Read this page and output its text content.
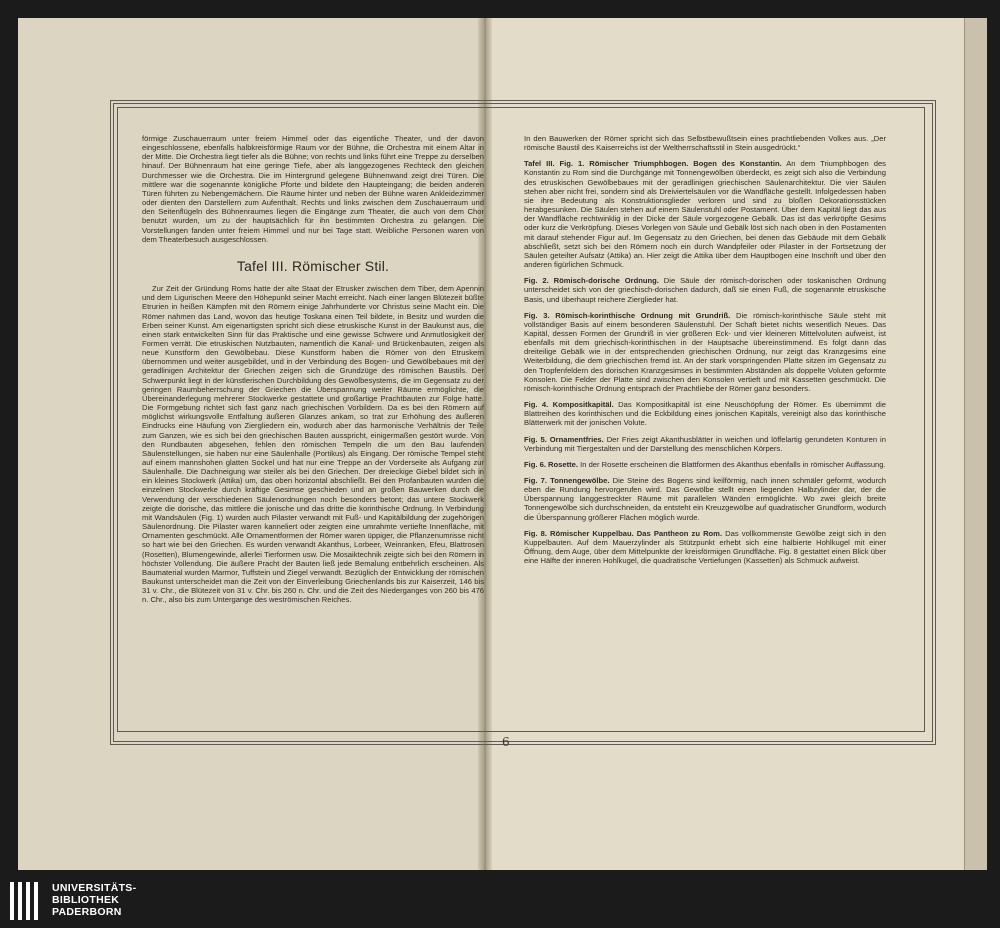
förmige Zuschauerraum unter freiem Himmel oder das eigentliche Theater, und der davon eingeschlossene, ebenfalls halbkreisförmige Raum vor der Bühne, die Orchestra mit einem Altar in der Mitte. Die Orchestra liegt tiefer als die Bühne; von rechts und links führt eine Treppe zu derselben hinauf. Der Bühnenraum hat eine geringe Tiefe, aber als langgezogenes Rechteck den gleichen Durchmesser wie die Orchestra. Die im Hintergrund gelegene Bühnenwand zeigt drei Türen. Die mittlere war die sogenannte königliche Pforte und bildete den Haupteingang; die beiden anderen Türen führten zu Nebengemächern. Die Räume hinter und neben der Bühne waren Ankleidezimmer oder dienten den Darstellern zum Aufenthalt. Rechts und links zwischen dem Zuschauerraum und den Seitenflügeln des Bühnenraumes liegen die Eingänge zum Theater, die auch von dem Chor benutzt wurden, um zu der hauptsächlich für ihn bestimmten Orchestra zu gelangen. Die Vorstellungen fanden unter freiem Himmel und nur bei Tage statt. Weibliche Personen waren von dem Theaterbesuch ausgeschlossen.

Tafel III. Römischer Stil.

Zur Zeit der Gründung Roms hatte der alte Staat der Etrusker zwischen dem Tiber, dem Apennin und dem Ligurischen Meere den Höhepunkt seiner Macht erreicht. Nach einer langen Blütezeit büßte Etrurien in heißen Kämpfen mit den Römern einige Jahrhunderte vor Christus seine Macht ein. Die Römer nahmen das Land, wovon das heutige Toskana einen Teil bildete, in Besitz und wurden die Erben seiner Kunst. Am eigenartigsten spricht sich diese etruskische Kunst in der Baukunst aus, die einen stark entwickelten Sinn für das Praktische und eine gewisse Schwere und Anmutlosigkeit der Formen verrät. Die etruskischen Nutzbauten, namentlich die Kanal- und Brückenbauten, zeigen als neue Kunstform den Gewölbebau. Diese Kunstform haben die Römer von den Etruskern übernommen und weiter ausgebildet, und in der Verbindung des Bogen- und Gewölbebaues mit der geradlinigen Architektur der Griechen zeigen sich die Grundzüge des römischen Baustils. Der Schwerpunkt liegt in der künstlerischen Durchbildung des Gewölbesystems, die im Gegensatz zu der geringen Raumbeherrschung der Griechen die Überspannung weiter Räume ermöglichte, die Übereinanderlegung mehrerer Stockwerke gestattete und großartige Prachtbauten zur Folge hatte. Die Formgebung richtet sich fast ganz nach griechischen Vorbildern. Da es bei den Römern auf möglichst wirkungsvolle Entfaltung äußeren Glanzes ankam, so trat zur Erhöhung des äußeren Eindrucks eine Häufung von Ziergliedern ein, wodurch aber das harmonische Verhältnis der Teile zum Ganzen, wie es sich bei den griechischen Bauten ausspricht, einigermaßen gestört wurde. Von den Rundbauten abgesehen, fehlen den römischen Tempeln die um den Bau laufenden Säulenstellungen, sie haben nur eine Säulenhalle (Portikus) als Eingang. Der römische Tempel steht auf einem mannshohen glatten Sockel und hat nur eine Treppe an der Vorderseite als Aufgang zur Säulenhalle. Die Dachneigung war steiler als bei den Griechen. Der dreieckige Giebel bildet sich in ein kleines Stockwerk (Attika) um, das oben horizontal abschließt. Bei den Profanbauten wurden die einzelnen Stockwerke durch kräftige Gesimse geschieden und an großen Bauwerken durch die Verwendung der verschiedenen Säulenordnungen noch besonders betont; das untere Stockwerk zeigte die dorische, das mittlere die jonische und das dritte die korinthische Ordnung. In Verbindung mit Wandsäulen (Fig. 1) wurden auch Pilaster verwandt mit Fuß- und Kapitälbildung der zugehörigen Säulenordnung. Die Pilaster waren kanneliert oder zeigten eine umrahmte vertiefte Innenfläche, mit Ornamenten geschmückt. Alle Ornamentformen der Römer waren üppiger, die Pflanzenumrisse nicht so hart wie bei den Griechen. Es wurden verwandt Akanthus, Lorbeer, Weinranken, Efeu, Blattrosen (Rosetten), Blumengewinde, allerlei Tierformen usw. Die Mosaiktechnik zeigte sich bei den Römern in höchster Vollendung. Die äußere Pracht der Bauten ließ jede Bemalung entbehrlich erscheinen. Als Baumaterial wurden Marmor, Tuffstein und Ziegel verwandt. Bezüglich der Entwicklung der römischen Baukunst unterscheidet man die Zeit von der Einverleibung Griechenlands bis zur Kaiserzeit, 146 bis 31 v. Chr., die Blütezeit von 31 v. Chr. bis 260 n. Chr. und die Zeit des Niederganges von 260 bis 476 n. Chr., also bis zum Untergange des weströmischen Reiches.

In den Bauwerken der Römer spricht sich das Selbstbewußtsein eines prachtliebenden Volkes aus. „Der römische Baustil des Kaiserreichs ist der Weltherrschaftsstil in Stein ausgedrückt.“

Tafel III. Fig. 1. Römischer Triumphbogen. Bogen des Konstantin. An dem Triumphbogen des Konstantin zu Rom sind die Durchgänge mit Tonnengewölben überdeckt, es zeigt sich also die Verbindung des etruskischen Gewölbebaues mit der geradlinigen griechischen Säulenarchitektur. Die vier Säulen stehen aber nicht frei, sondern sind als Dreiviertelsäulen vor die Wandfläche gestellt. Infolgedessen haben sie ihre Bedeutung als Konstruktionsglieder verloren und sind zu bloßen Dekorationsstücken herabgesunken. Die Säulen stehen auf einem Säulenstuhl oder Postament. Über dem Kapitäl liegt das aus der Wandfläche rechtwinklig in der Dicke der Säule vorgezogene Gebälk. Das ist das verkröpfte Gesims oder kurz die Verkröpfung. Dieses Vorlegen von Säule und Gebälk löst sich nach oben in den Postamenten mit darauf stehender Figur auf. Im Gegensatz zu den Griechen, bei denen das Gebäude mit dem Gebälk abschließt, setzt sich bei den Römern noch ein durch Wandpfeiler oder Pilaster in der Fortsetzung der Säulen geteilter Aufsatz (Attika) an. Hier zeigt die Attika über dem Hauptbogen eine Inschrift und über den anderen figürlichen Schmuck.

Fig. 2. Römisch-dorische Ordnung. Die Säule der römisch-dorischen oder toskanischen Ordnung unterscheidet sich von der griechisch-dorischen dadurch, daß sie einen Fuß, die sogenannte etruskische Basis, und überhaupt reichere Zierglieder hat.

Fig. 3. Römisch-korinthische Ordnung mit Grundriß. Die römisch-korinthische Säule steht mit vollständiger Basis auf einem besonderen Säulenstuhl. Der Schaft bietet nichts wesentlich Neues. Das Kapitäl, dessen Formen der Grundriß in vier größeren Eck- und vier kleineren Mittelvoluten aufweist, ist ebenfalls mit dem griechisch-korinthischen in der Hauptsache übereinstimmend. Es folgt dann das dreiteilige Gebälk wie in der entsprechenden griechischen Ordnung, nur zeigt das Kranzgesims eine Weiterbildung, die dem griechischen fremd ist. An der stark vorspringenden Platte sitzen im Gegensatz zu den Tropfenfeldern des dorischen Kranzgesimses in bestimmten Abständen als doppelte Voluten geformte Konsolen. Die Felder der Platte sind zwischen den Konsolen vertieft und mit Kassetten geschmückt. Die römisch-korinthische Ordnung entsprach der Prachtliebe der Römer ganz besonders.

Fig. 4. Kompositkapitäl. Das Kompositkapitäl ist eine Neuschöpfung der Römer. Es übernimmt die Blattreihen des korinthischen und die Eckbildung eines jonischen Kapitäls, vereinigt also das korinthische Blätterwerk mit der jonischen Volute.

Fig. 5. Ornamentfries. Der Fries zeigt Akanthusblätter in weichen und löffelartig gerundeten Konturen in Verbindung mit Tiergestalten und der Darstellung des menschlichen Körpers.

Fig. 6. Rosette. In der Rosette erscheinen die Blattformen des Akanthus ebenfalls in römischer Auffassung.

Fig. 7. Tonnengewölbe. Die Steine des Bogens sind keilförmig, nach innen schmäler geformt, wodurch eben die Rundung hervorgerufen wird. Das Gewölbe stellt einen liegenden Halbzylinder dar, der die Überspannung langgestreckter Räume mit parallelen Wänden ermöglichte. Wo zwei gleich breite Tonnengewölbe sich durchschneiden, da entsteht ein Kreuzgewölbe auf quadratischer Grundform, wodurch die Überspannung größerer Flächen möglich wurde.

Fig. 8. Römischer Kuppelbau. Das Pantheon zu Rom. Das vollkommenste Gewölbe zeigt sich in den Kuppelbauten. Auf dem Mauerzylinder als Stützpunkt erhebt sich eine halbierte Hohlkugel mit einer Öffnung, dem Auge, über dem Mittelpunkte der kreisförmigen Grundfläche. Fig. 8 gestattet einen Blick über eine Hälfte der inneren Hohlkugel, die quadratische Vertiefungen (Kassetten) als Schmuck aufweist.

6
UNIVERSITÄTS-
BIBLIOTHEK
PADERBORN
